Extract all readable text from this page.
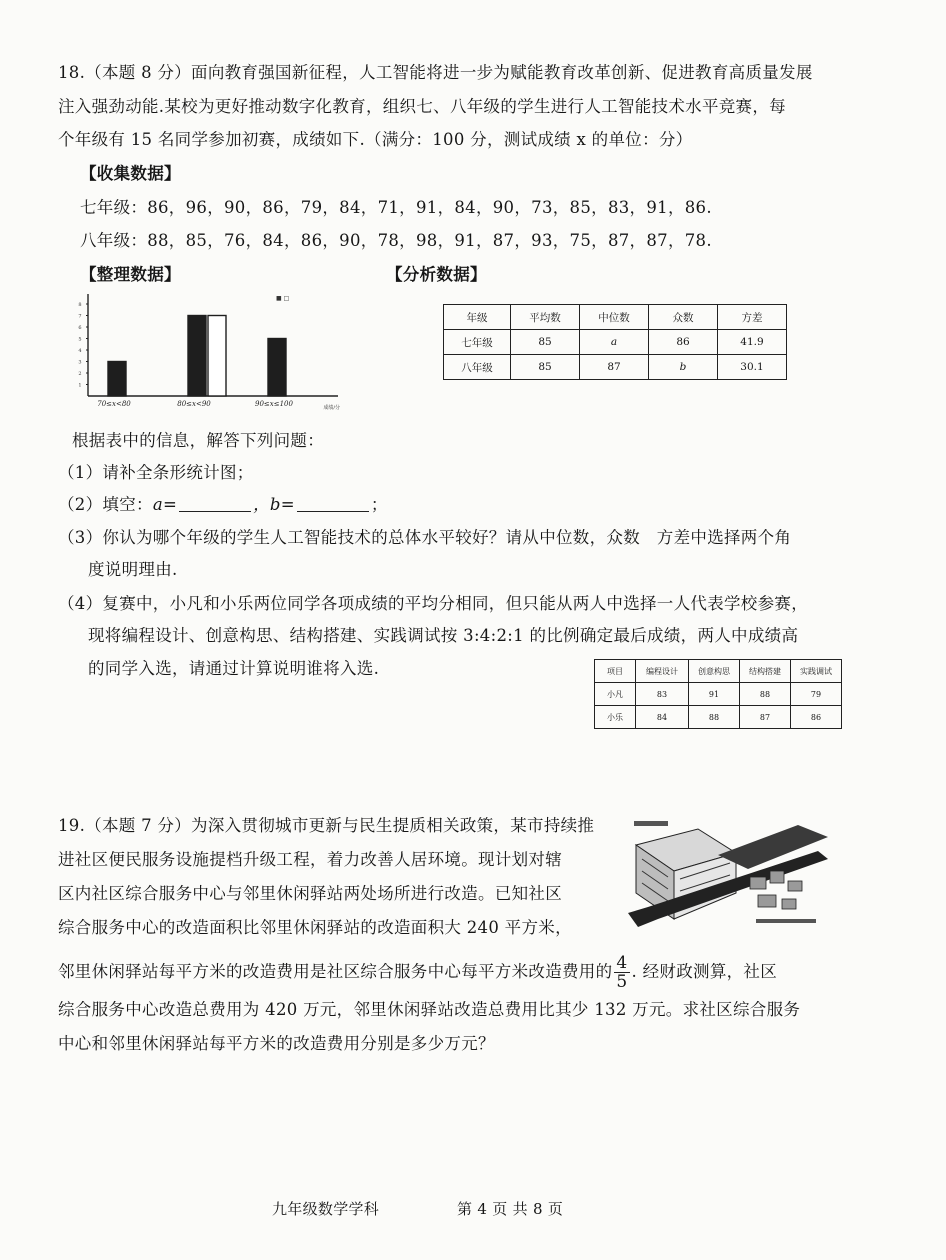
18.（本题 8 分）面向教育强国新征程，人工智能将进一步为赋能教育改革创新、促进教育高质量发展
注入强劲动能.某校为更好推动数字化教育，组织七、八年级的学生进行人工智能技术水平竞赛，每
个年级有 15 名同学参加初赛，成绩如下.（满分：100 分，测试成绩 x 的单位：分）
【收集数据】
七年级：86，96，90，86，79，84，71，91，84，90，73，85，83，91，86.
八年级：88，85，76，84，86，90，78，98，91，87，93，75，87，87，78.
【整理数据】	【分析数据】
1
2
3
4
5
6
7
8
70≤x<80	80≤x<90	90≤x≤100	成绩/分
■ □
年级	平均数	中位数	众数	方差
七年级	85	a	86	41.9
八年级	85	87	b	30.1
根据表中的信息，解答下列问题：
（1）请补全条形统计图；
（2）填空：a=	，b=	；
（3）你认为哪个年级的学生人工智能技术的总体水平较好？请从中位数，众数　方差中选择两个角
度说明理由.
（4）复赛中，小凡和小乐两位同学各项成绩的平均分相同，但只能从两人中选择一人代表学校参赛，
现将编程设计、创意构思、结构搭建、实践调试按 3:4:2:1 的比例确定最后成绩，两人中成绩高
的同学入选，请通过计算说明谁将入选.	项目	编程设计	创意构思	结构搭建	实践调试
小凡	83	91	88	79
小乐	84	88	87	86
19.（本题 7 分）为深入贯彻城市更新与民生提质相关政策，某市持续推
进社区便民服务设施提档升级工程，着力改善人居环境。现计划对辖
区内社区综合服务中心与邻里休闲驿站两处场所进行改造。已知社区
综合服务中心的改造面积比邻里休闲驿站的改造面积大 240 平方米，
邻里休闲驿站每平方米的改造费用是社区综合服务中心每平方米改造费用的 $\frac{4}{5}$ . 经财政测算，社区
综合服务中心改造总费用为 420 万元，邻里休闲驿站改造总费用比其少 132 万元。求社区综合服务
中心和邻里休闲驿站每平方米的改造费用分别是多少万元？
九年级数学学科	第 4 页 共 8 页
